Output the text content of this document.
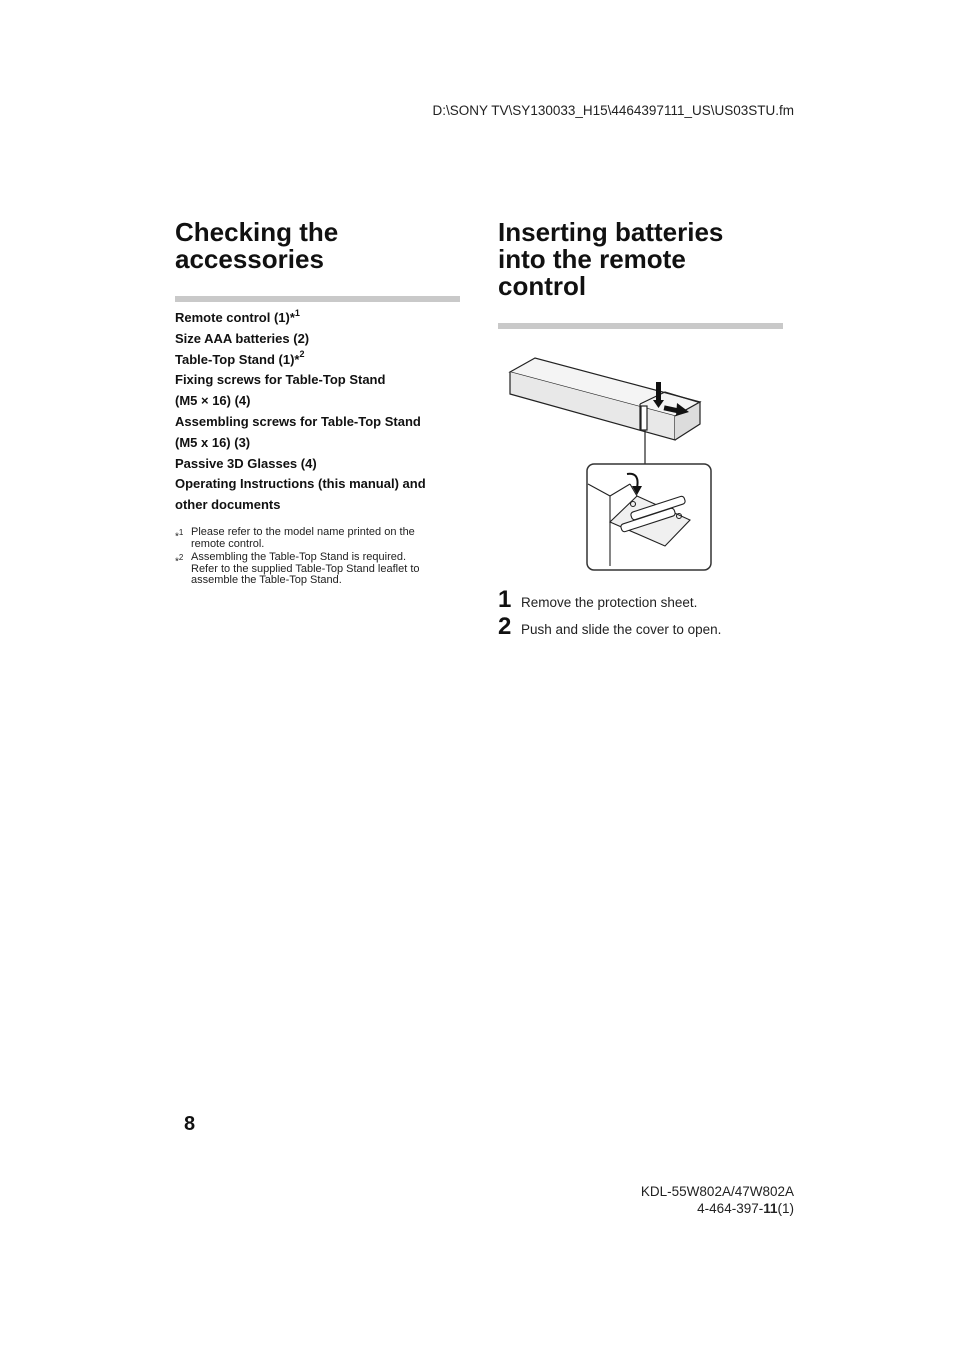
D:\SONY TV\SY130033_H15\4464397111_US\US03STU.fm
Checking the
accessories
Remote control (1)*$^1$
Size AAA batteries (2)
Table-Top Stand (1)*$^2$
Fixing screws for Table-Top Stand
(M5 × 16) (4)
Assembling screws for Table-Top Stand
(M5 x 16) (3)
Passive 3D Glasses (4)
Operating Instructions (this manual) and
other documents
*$^1$ Please refer to the model name printed on the
remote control.
*$^2$ Assembling the Table-Top Stand is required.
Refer to the supplied Table-Top Stand leaflet to
assemble the Table-Top Stand.
Inserting batteries
into the remote
control
1 Remove the protection sheet.
2 Push and slide the cover to open.
8
KDL-55W802A/47W802A
4-464-397-11(1)
